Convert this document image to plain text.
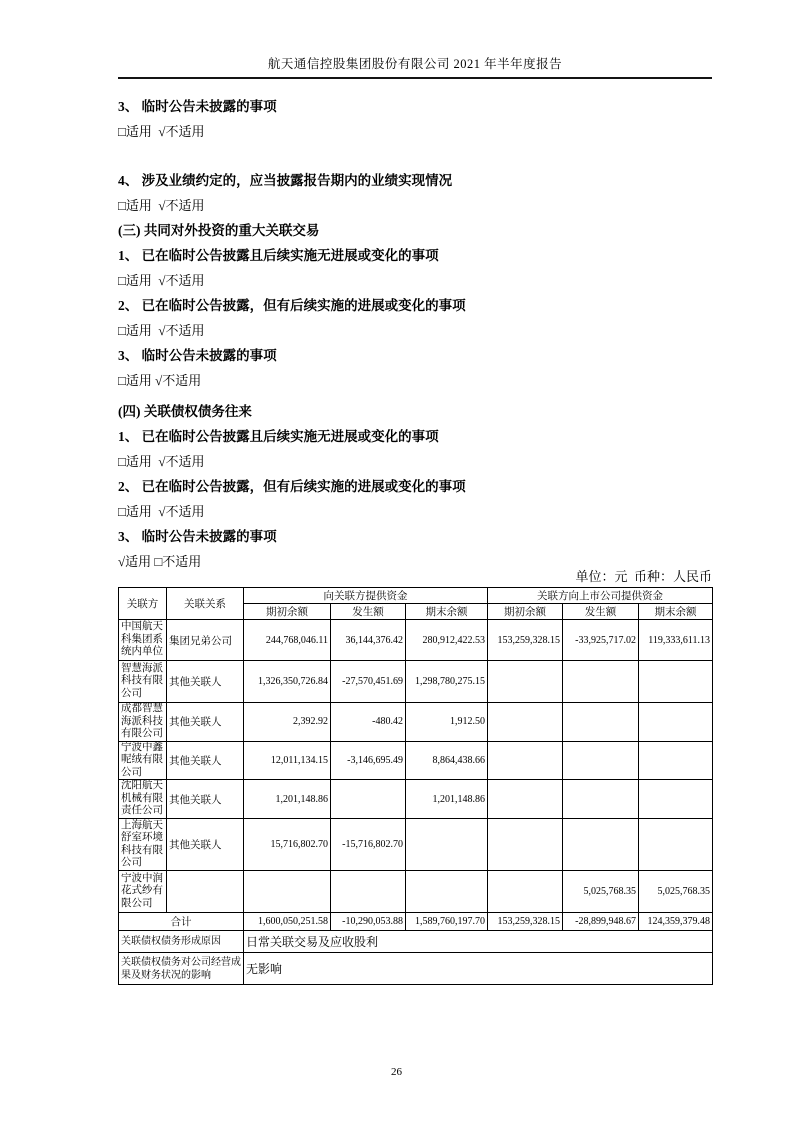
航天通信控股集团股份有限公司 2021 年半年度报告

3、 临时公告未披露的事项

□适用  √不适用

4、 涉及业绩约定的，应当披露报告期内的业绩实现情况

□适用  √不适用

(三) 共同对外投资的重大关联交易

1、 已在临时公告披露且后续实施无进展或变化的事项

□适用  √不适用

2、 已在临时公告披露，但有后续实施的进展或变化的事项

□适用  √不适用

3、 临时公告未披露的事项

□适用 √不适用

(四) 关联债权债务往来

1、 已在临时公告披露且后续实施无进展或变化的事项

□适用  √不适用

2、 已在临时公告披露，但有后续实施的进展或变化的事项

□适用  √不适用

3、 临时公告未披露的事项

√适用 □不适用

单位：元  币种：人民币
关联方	关联关系	向关联方提供资金			关联方向上市公司提供资金		
		期初余额	发生额	期末余额	期初余额	发生额	期末余额
中国航天科集团系统内单位	集团兄弟公司	244,768,046.11	36,144,376.42	280,912,422.53	153,259,328.15	-33,925,717.02	119,333,611.13
智慧海派科技有限公司	其他关联人	1,326,350,726.84	-27,570,451.69	1,298,780,275.15			
成都智慧海派科技有限公司	其他关联人	2,392.92	-480.42	1,912.50			
宁波中鑫呢绒有限公司	其他关联人	12,011,134.15	-3,146,695.49	8,864,438.66			
沈阳航天机械有限责任公司	其他关联人	1,201,148.86		1,201,148.86			
上海航天舒室环境科技有限公司	其他关联人	15,716,802.70	-15,716,802.70				
宁波中润花式纱有限公司						5,025,768.35	5,025,768.35
合计		1,600,050,251.58	-10,290,053.88	1,589,760,197.70	153,259,328.15	-28,899,948.67	124,359,379.48
关联债权债务形成原因		日常关联交易及应收股利					
关联债权债务对公司经营成果及财务状况的影响		无影响					
26
